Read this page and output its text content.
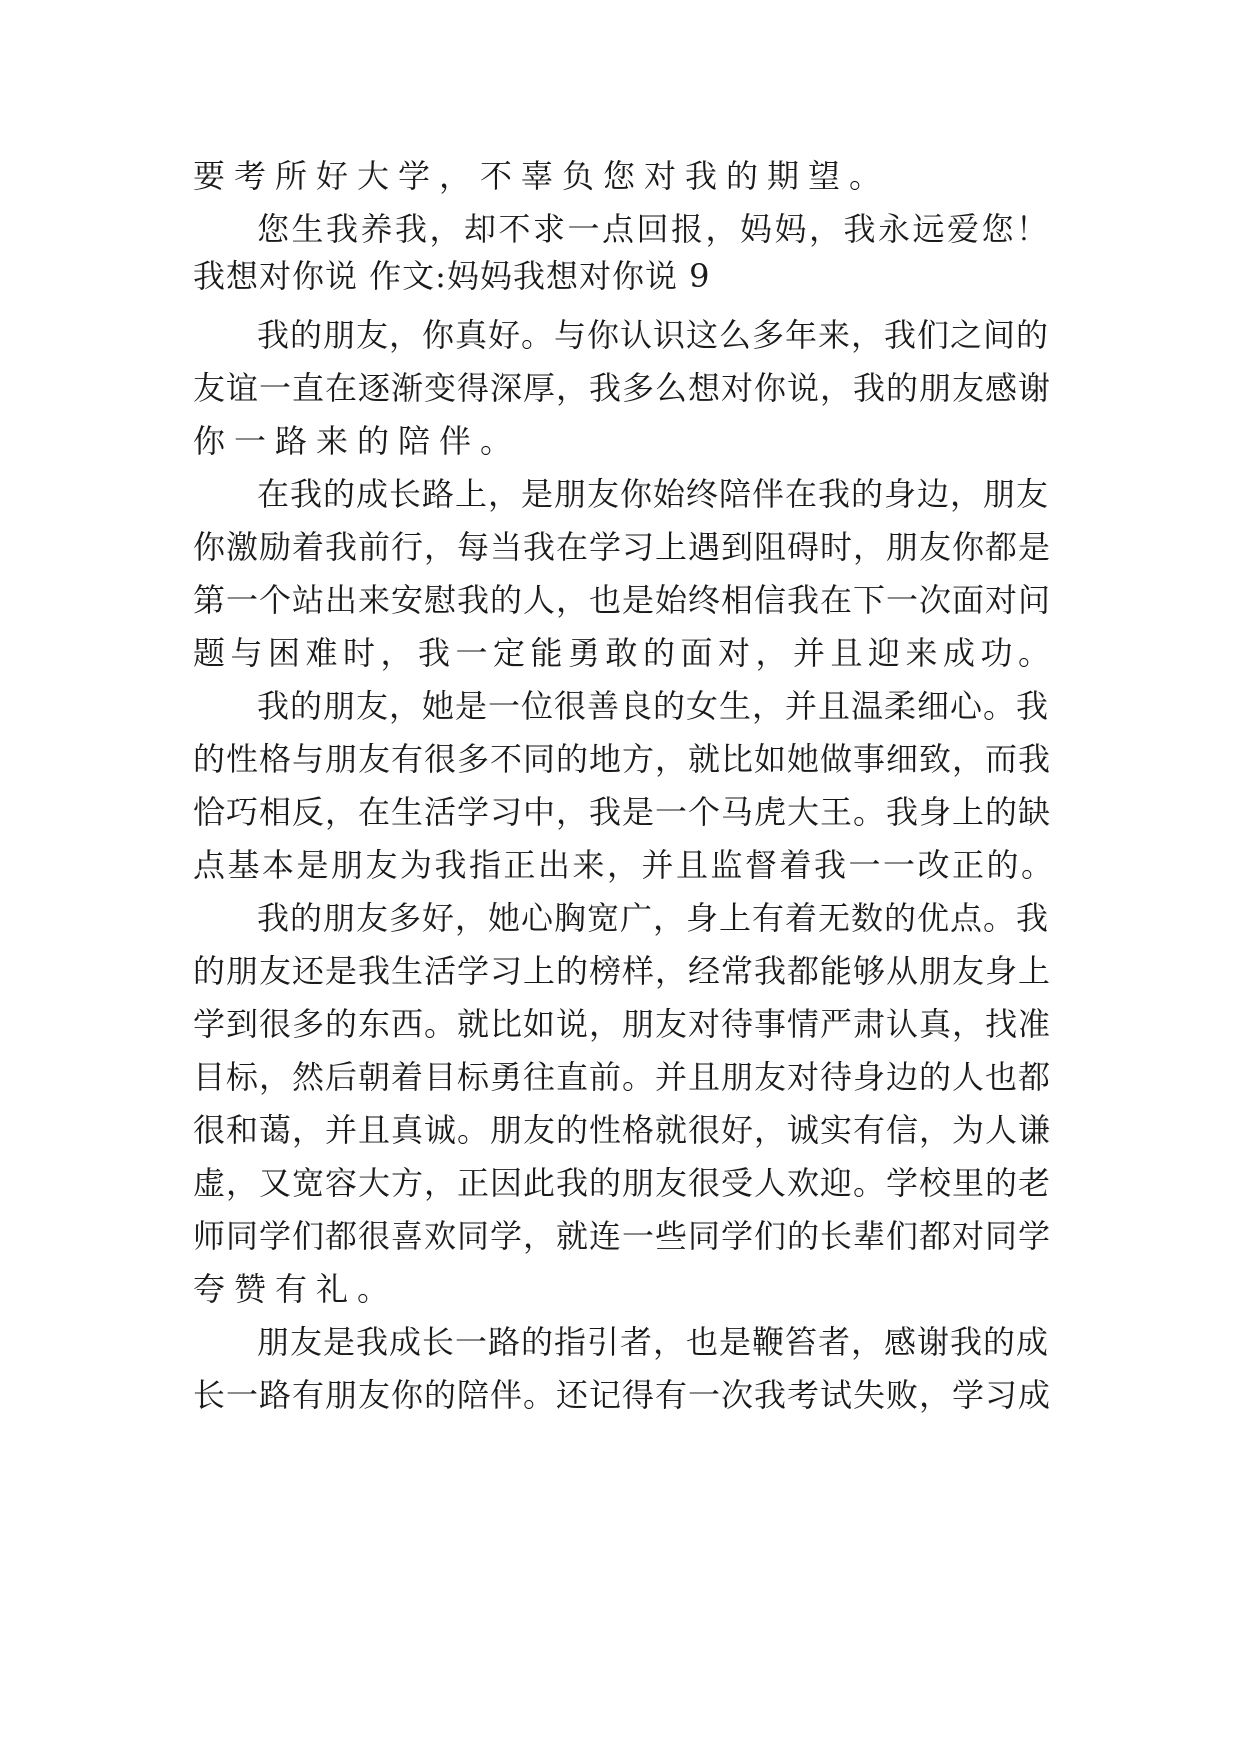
要考所好大学，不辜负您对我的期望。
您生我养我，却不求一点回报，妈妈，我永远爱您！
我想对你说 作文:妈妈我想对你说 9
我的朋友，你真好。与你认识这么多年来，我们之间的
友谊一直在逐渐变得深厚，我多么想对你说，我的朋友感谢
你一路来的陪伴。
在我的成长路上，是朋友你始终陪伴在我的身边，朋友
你激励着我前行，每当我在学习上遇到阻碍时，朋友你都是
第一个站出来安慰我的人，也是始终相信我在下一次面对问
题与困难时，我一定能勇敢的面对，并且迎来成功。
我的朋友，她是一位很善良的女生，并且温柔细心。我
的性格与朋友有很多不同的地方，就比如她做事细致，而我
恰巧相反，在生活学习中，我是一个马虎大王。我身上的缺
点基本是朋友为我指正出来，并且监督着我一一改正的。
我的朋友多好，她心胸宽广，身上有着无数的优点。我
的朋友还是我生活学习上的榜样，经常我都能够从朋友身上
学到很多的东西。就比如说，朋友对待事情严肃认真，找准
目标，然后朝着目标勇往直前。并且朋友对待身边的人也都
很和蔼，并且真诚。朋友的性格就很好，诚实有信，为人谦
虚，又宽容大方，正因此我的朋友很受人欢迎。学校里的老
师同学们都很喜欢同学，就连一些同学们的长辈们都对同学
夸赞有礼。
朋友是我成长一路的指引者，也是鞭笞者，感谢我的成
长一路有朋友你的陪伴。还记得有一次我考试失败，学习成
